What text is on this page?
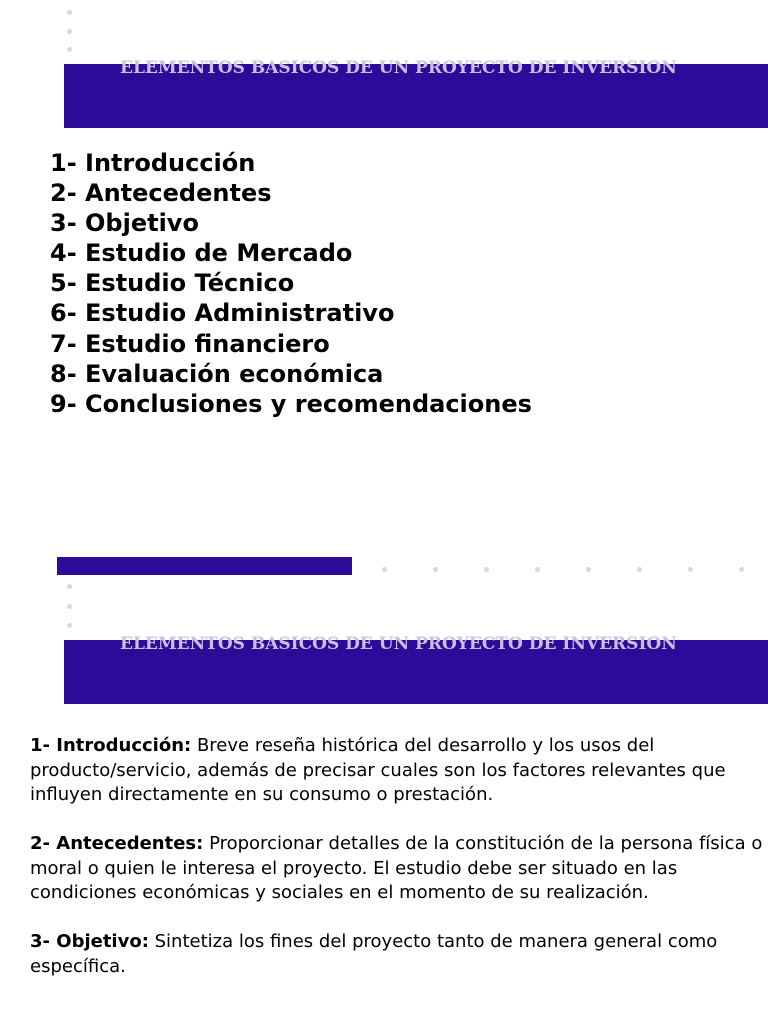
ELEMENTOS BASICOS DE UN PROYECTO DE INVERSION
1- Introducción
2- Antecedentes
3- Objetivo
4- Estudio de Mercado
5- Estudio Técnico
6- Estudio Administrativo
7- Estudio financiero
8- Evaluación económica
9- Conclusiones y recomendaciones
ELEMENTOS BASICOS DE UN PROYECTO DE INVERSION

1- Introducción: Breve reseña histórica del desarrollo y los usos del producto/servicio, además de precisar cuales son los factores relevantes que influyen directamente en su consumo o prestación.

2- Antecedentes: Proporcionar detalles de la constitución de la persona física o moral o quien le interesa el proyecto. El estudio debe ser situado en las condiciones económicas y sociales en el momento de su realización.

3- Objetivo: Sintetiza los fines del proyecto tanto de manera general como específica.
